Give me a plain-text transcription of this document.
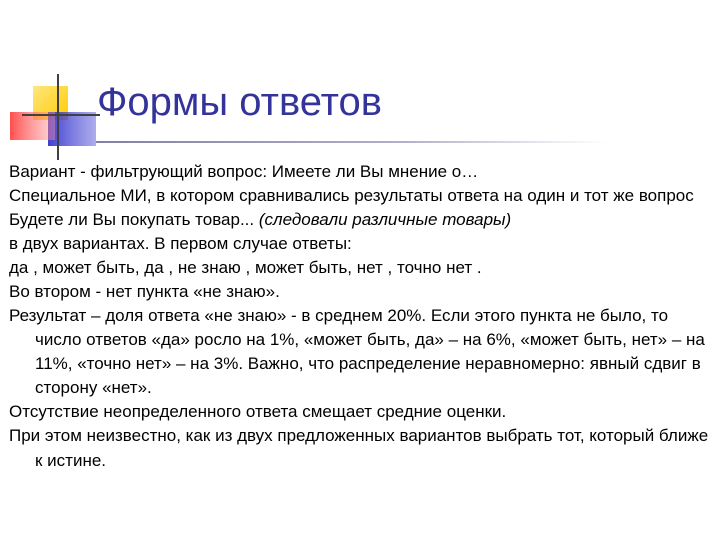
Формы ответов

Вариант - фильтрующий вопрос: Имеете ли Вы мнение о…

Специальное МИ, в котором сравнивались результаты ответа на один и тот же вопрос

Будете ли Вы покупать товар... (следовали различные товары)

в двух вариантах. В первом случае ответы:

да , может быть, да , не знаю , может быть, нет , точно нет .

Во втором - нет пункта «не знаю».

Результат – доля ответа «не знаю» - в среднем 20%. Если этого пункта не было, то число ответов «да» росло на 1%, «может быть, да» – на 6%, «может быть, нет» – на 11%, «точно нет» – на 3%. Важно, что распределение неравномерно: явный сдвиг в сторону «нет».

Отсутствие неопределенного ответа смещает средние оценки.

При этом неизвестно, как из двух предложенных вариантов выбрать тот, который ближе к истине.
